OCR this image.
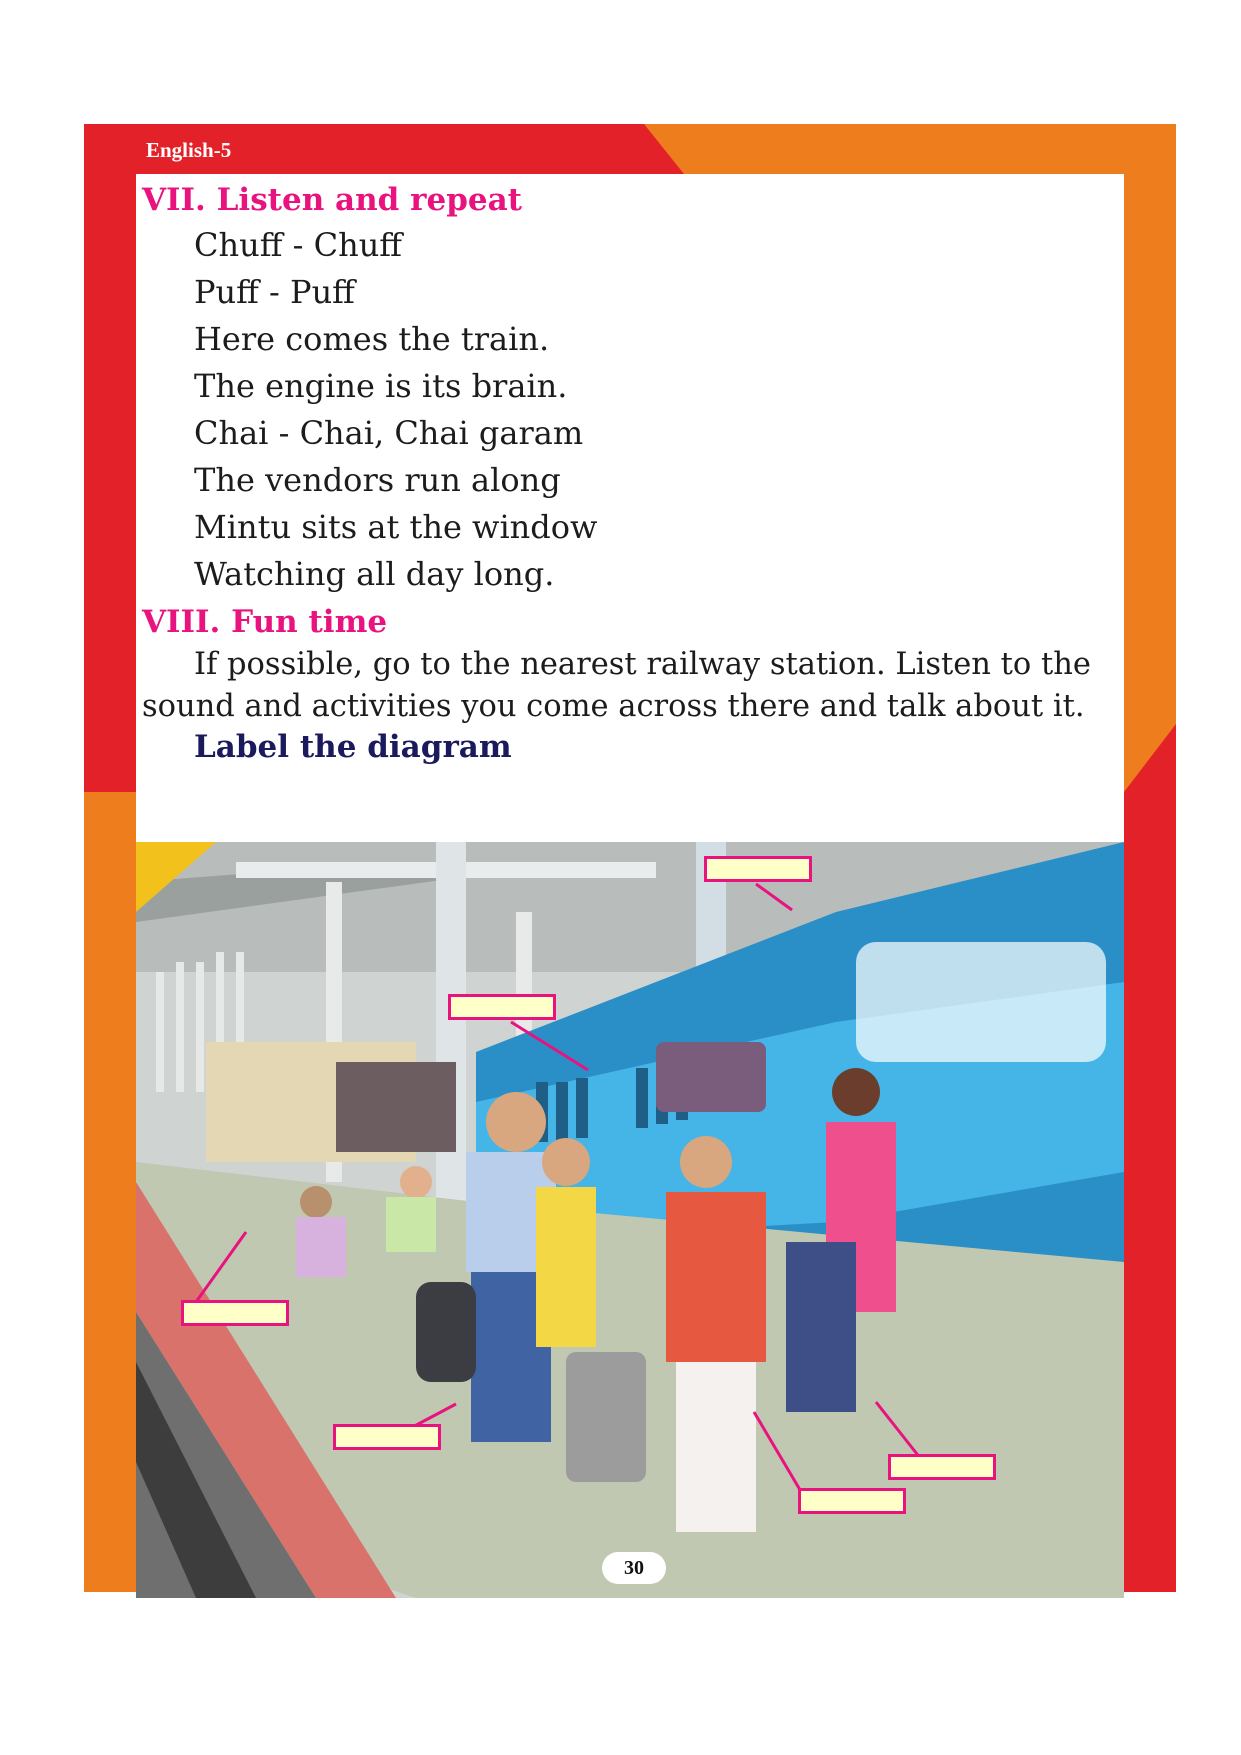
English-5
VII. Listen and repeat
Chuff - Chuff
Puff - Puff
Here comes the train.
The engine is its brain.
Chai - Chai, Chai garam
The vendors run along
Mintu sits at the window
Watching all day long.
VIII. Fun time

If possible, go to the nearest railway station. Listen to the sound and activities you come across there and talk about it.

Label the diagram
30
